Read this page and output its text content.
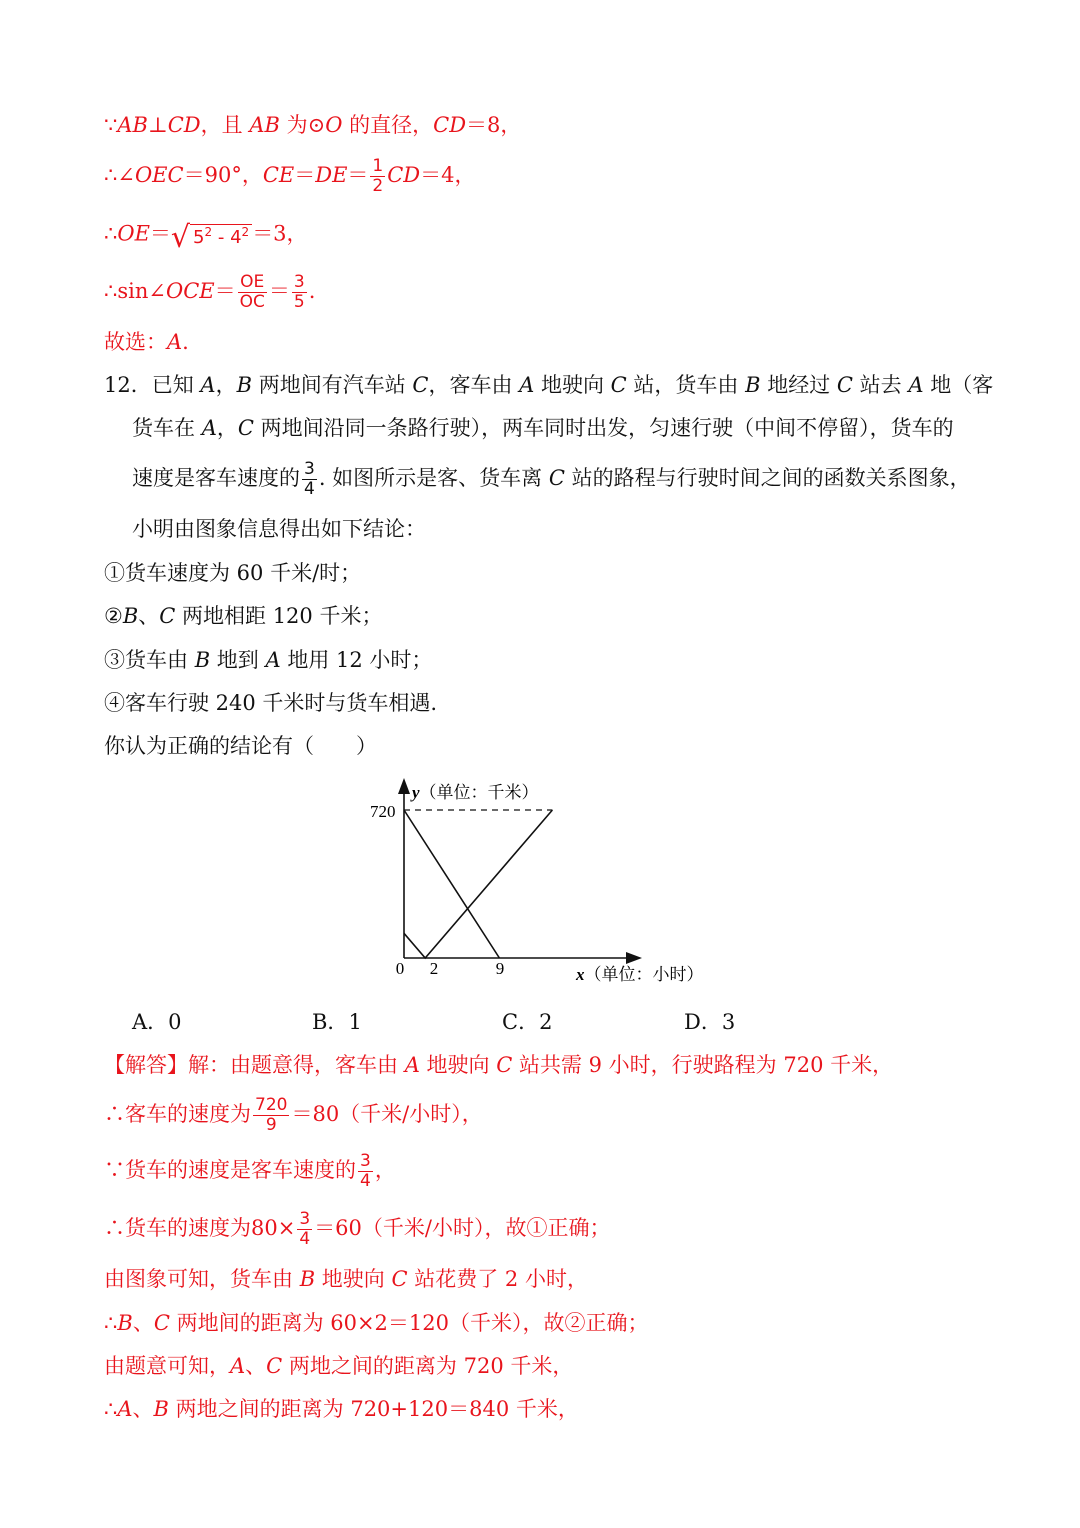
∵AB⊥CD，且 AB 为⊙O 的直径，CD＝8，
∴∠OEC＝90°，$CE=DE= \frac{1}{2} CD=4$，
∴OE＝√ $5^2 - 4^2 =3$，
∴sin∠OCE＝ $\frac{OE}{OC} = \frac{3}{5}$ .
故选：A.
12．已知 A，B 两地间有汽车站 C，客车由 A 地驶向 C 站，货车由 B 地经过 C 站去 A 地（客
货车在 A，C 两地间沿同一条路行驶），两车同时出发，匀速行驶（中间不停留），货车的
速度是客车速度的 $\frac{3}{4}$ . 如图所示是客、货车离 C 站的路程与行驶时间之间的函数关系图象，
小明由图象信息得出如下结论：
①货车速度为 60 千米/时；
②B、C 两地相距 120 千米；
③货车由 B 地到 A 地用 12 小时；
④客车行驶 240 千米时与货车相遇.
你认为正确的结论有（　　）
y（单位：千米）
720
0 2	9	x（单位：小时）
A．0	B．1	C．2	D．3
【解答】解：由题意得，客车由 A 地驶向 C 站共需 9 小时，行驶路程为 720 千米，
∴客车的速度为 $\frac{720}{9} =80$（千米/小时），
∵货车的速度是客车速度的 $\frac{3}{4}$ ，
∴货车的速度为$80\times \frac{3}{4} =60$（千米/小时），故①正确；
由图象可知，货车由 B 地驶向 C 站花费了 2 小时，
∴B、C 两地间的距离为 60×2＝120（千米），故②正确；
由题意可知，A、C 两地之间的距离为 720 千米，
∴A、B 两地之间的距离为 720+120＝840 千米，
